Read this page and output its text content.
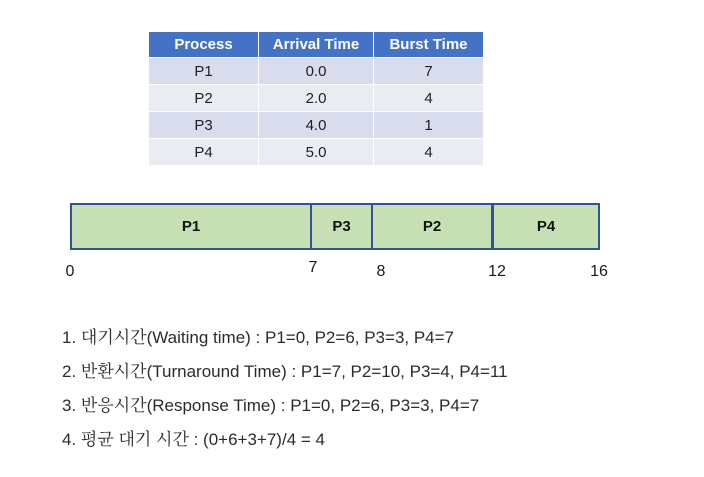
Process	Arrival Time	Burst Time
P1	0.0	7
P2	2.0	4
P3	4.0	1
P4	5.0	4
P1	P3	P2	P4
0	7	8	12	16
1. 대기시간(Waiting time) : P1=0, P2=6, P3=3, P4=7
2. 반환시간(Turnaround Time) : P1=7, P2=10, P3=4, P4=11
3. 반응시간(Response Time) : P1=0, P2=6, P3=3, P4=7
4. 평균 대기 시간 : (0+6+3+7)/4 = 4
